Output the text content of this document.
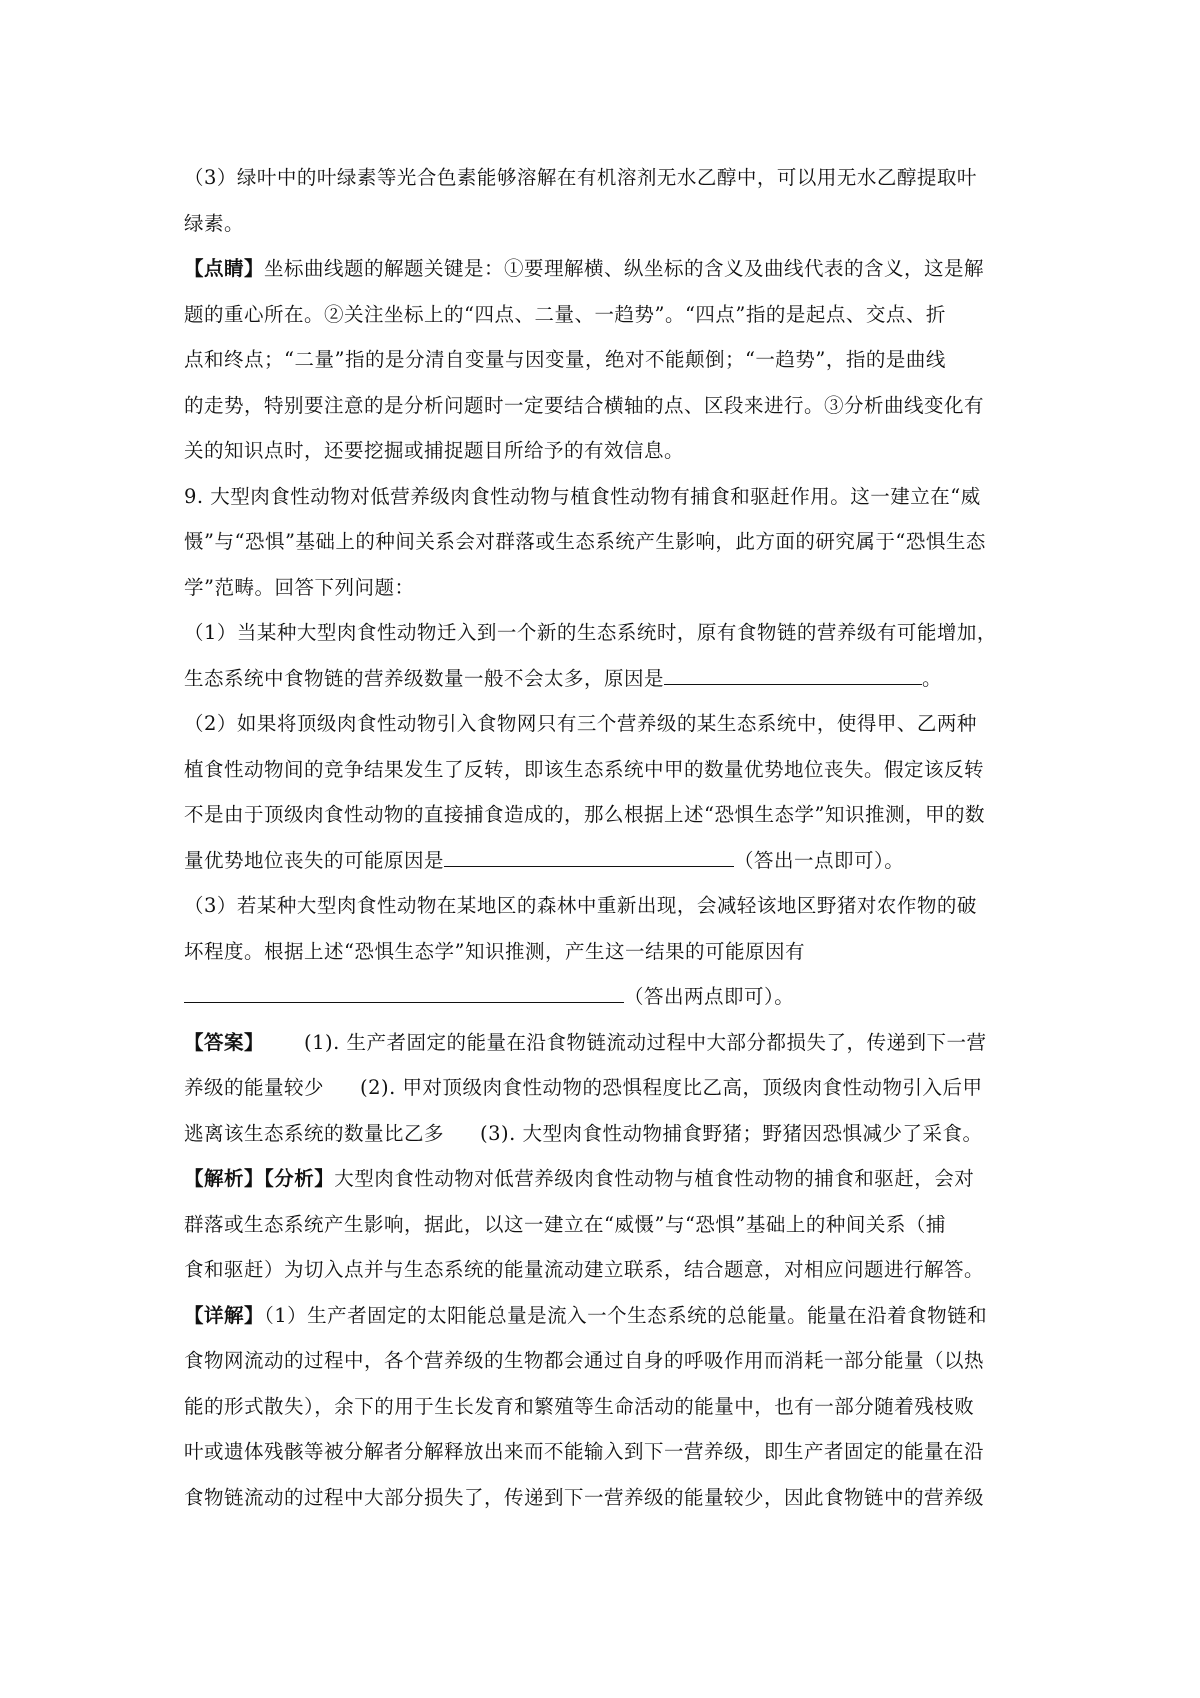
（3）绿叶中的叶绿素等光合色素能够溶解在有机溶剂无水乙醇中，可以用无水乙醇提取叶

绿素。

【点睛】坐标曲线题的解题关键是：①要理解横、纵坐标的含义及曲线代表的含义，这是解

题的重心所在。②关注坐标上的“四点、二量、一趋势”。“四点”指的是起点、交点、折

点和终点；“二量”指的是分清自变量与因变量，绝对不能颠倒；“一趋势”，指的是曲线

的走势，特别要注意的是分析问题时一定要结合横轴的点、区段来进行。③分析曲线变化有

关的知识点时，还要挖掘或捕捉题目所给予的有效信息。

9. 大型肉食性动物对低营养级肉食性动物与植食性动物有捕食和驱赶作用。这一建立在“威

慑”与“恐惧”基础上的种间关系会对群落或生态系统产生影响，此方面的研究属于“恐惧生态

学”范畴。回答下列问题：

（1）当某种大型肉食性动物迁入到一个新的生态系统时，原有食物链的营养级有可能增加，

生态系统中食物链的营养级数量一般不会太多，原因是	。

（2）如果将顶级肉食性动物引入食物网只有三个营养级的某生态系统中，使得甲、乙两种

植食性动物间的竞争结果发生了反转，即该生态系统中甲的数量优势地位丧失。假定该反转

不是由于顶级肉食性动物的直接捕食造成的，那么根据上述“恐惧生态学”知识推测，甲的数

量优势地位丧失的可能原因是	（答出一点即可）。

（3）若某种大型肉食性动物在某地区的森林中重新出现，会减轻该地区野猪对农作物的破

坏程度。根据上述“恐惧生态学”知识推测，产生这一结果的可能原因有

（答出两点即可）。

【答案】 (1). 生产者固定的能量在沿食物链流动过程中大部分都损失了，传递到下一营

养级的能量较少 (2). 甲对顶级肉食性动物的恐惧程度比乙高，顶级肉食性动物引入后甲

逃离该生态系统的数量比乙多 (3). 大型肉食性动物捕食野猪；野猪因恐惧减少了采食。

【解析】【分析】大型肉食性动物对低营养级肉食性动物与植食性动物的捕食和驱赶，会对

群落或生态系统产生影响，据此，以这一建立在“威慑”与“恐惧”基础上的种间关系（捕

食和驱赶）为切入点并与生态系统的能量流动建立联系，结合题意，对相应问题进行解答。

【详解】（1）生产者固定的太阳能总量是流入一个生态系统的总能量。能量在沿着食物链和

食物网流动的过程中，各个营养级的生物都会通过自身的呼吸作用而消耗一部分能量（以热

能的形式散失），余下的用于生长发育和繁殖等生命活动的能量中，也有一部分随着残枝败

叶或遗体残骸等被分解者分解释放出来而不能输入到下一营养级，即生产者固定的能量在沿

食物链流动的过程中大部分损失了，传递到下一营养级的能量较少，因此食物链中的营养级
